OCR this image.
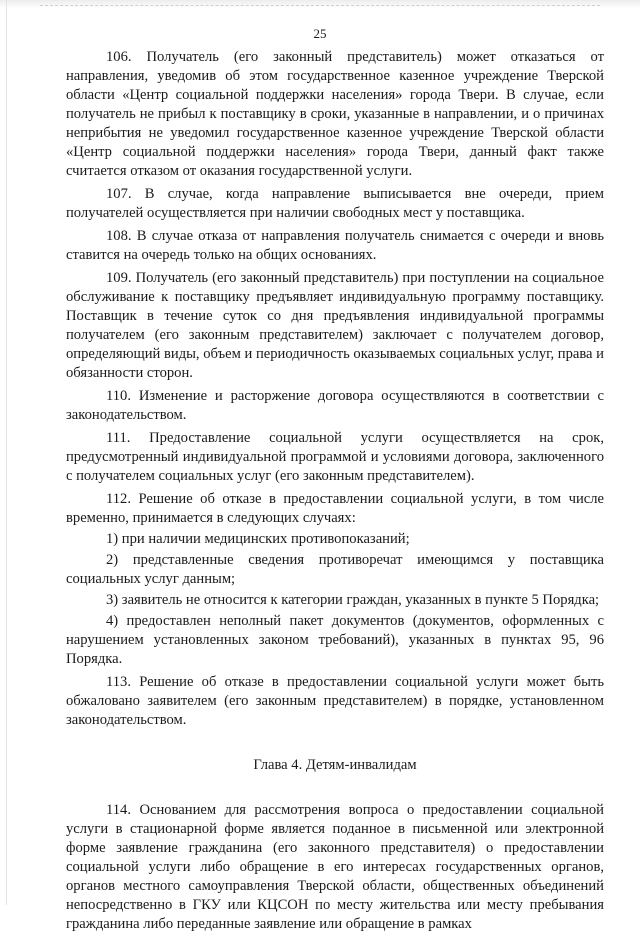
25

106. Получатель (его законный представитель) может отказаться от направления, уведомив об этом государственное казенное учреждение Тверской области «Центр социальной поддержки населения» города Твери. В случае, если получатель не прибыл к поставщику в сроки, указанные в направлении, и о причинах неприбытия не уведомил государственное казенное учреждение Тверской области «Центр социальной поддержки населения» города Твери, данный факт также считается отказом от оказания государственной услуги.

107. В случае, когда направление выписывается вне очереди, прием получателей осуществляется при наличии свободных мест у поставщика.

108. В случае отказа от направления получатель снимается с очереди и вновь ставится на очередь только на общих основаниях.

109. Получатель (его законный представитель) при поступлении на социальное обслуживание к поставщику предъявляет индивидуальную программу поставщику. Поставщик в течение суток со дня предъявления индивидуальной программы получателем (его законным представителем) заключает с получателем договор, определяющий виды, объем и периодичность оказываемых социальных услуг, права и обязанности сторон.

110. Изменение и расторжение договора осуществляются в соответствии с законодательством.

111. Предоставление социальной услуги осуществляется на срок, предусмотренный индивидуальной программой и условиями договора, заключенного с получателем социальных услуг (его законным представителем).

112. Решение об отказе в предоставлении социальной услуги, в том числе временно, принимается в следующих случаях:

1) при наличии медицинских противопоказаний;

2) представленные сведения противоречат имеющимся у поставщика социальных услуг данным;

3) заявитель не относится к категории граждан, указанных в пункте 5 Порядка;

4) предоставлен неполный пакет документов (документов, оформленных с нарушением установленных законом требований), указанных в пунктах 95, 96 Порядка.

113. Решение об отказе в предоставлении социальной услуги может быть обжаловано заявителем (его законным представителем) в порядке, установленном законодательством.

Глава 4. Детям-инвалидам

114. Основанием для рассмотрения вопроса о предоставлении социальной услуги в стационарной форме является поданное в письменной или электронной форме заявление гражданина (его законного представителя) о предоставлении социальной услуги либо обращение в его интересах государственных органов, органов местного самоуправления Тверской области, общественных объединений непосредственно в ГКУ или КЦСОН по месту жительства или месту пребывания гражданина либо переданные заявление или обращение в рамках
